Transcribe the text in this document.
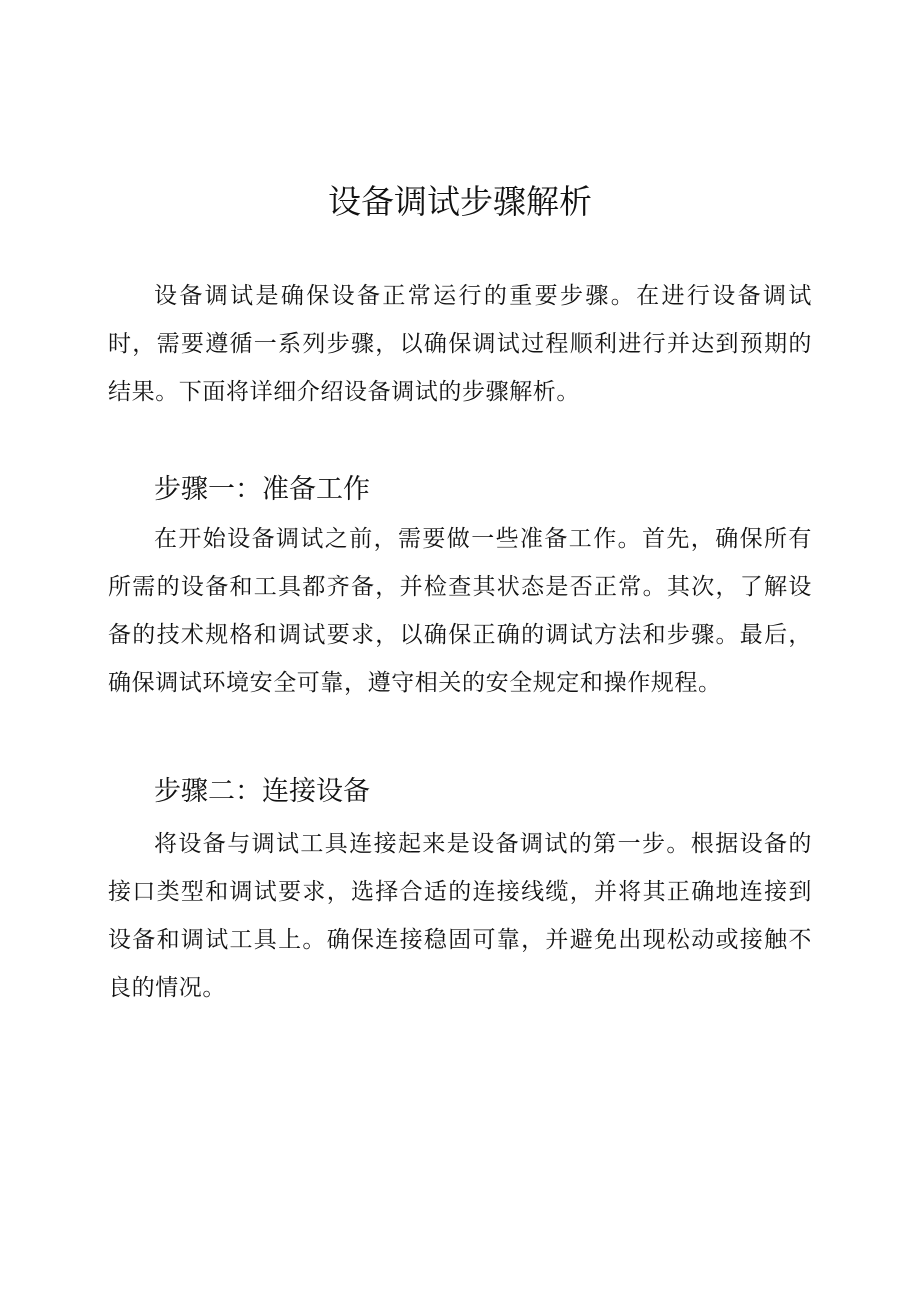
设备调试步骤解析

设备调试是确保设备正常运行的重要步骤。在进行设备调试时，需要遵循一系列步骤，以确保调试过程顺利进行并达到预期的结果。下面将详细介绍设备调试的步骤解析。

步骤一：准备工作

在开始设备调试之前，需要做一些准备工作。首先，确保所有所需的设备和工具都齐备，并检查其状态是否正常。其次，了解设备的技术规格和调试要求，以确保正确的调试方法和步骤。最后，确保调试环境安全可靠，遵守相关的安全规定和操作规程。

步骤二：连接设备

将设备与调试工具连接起来是设备调试的第一步。根据设备的接口类型和调试要求，选择合适的连接线缆，并将其正确地连接到设备和调试工具上。确保连接稳固可靠，并避免出现松动或接触不良的情况。
